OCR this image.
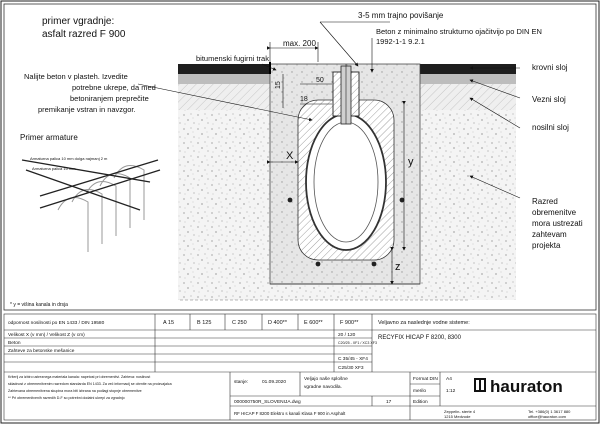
max. 200
50
18
15
X	y
z
primer vgradnje:
asfalt razred F 900
3-5 mm trajno povišanje
Beton z minimalno strukturno ojačitvijo po DIN EN
1992-1-1 9.2.1
bitumenski fugirni trak
Nalijte beton v plasteh. Izvedite
potrebne ukrepe, da med
betoniranjem preprečite
premikanje vstran in navzgor.
krovni sloj
Vezni sloj
nosilni sloj
Razred
obremenitve
mora ustrezati
zahtevam
projekta
Primer armature
Armaturna palica 10 mm dolga najmanj 2 m
Armaturna palica 10 mm
* y = višina kanala in drsja
odpornost nosilnosti po EN 1433 / DIN 19580	A 15	B 125	C 250	D 400**	E 600**	F 900**
Velikost X (v mm) / Velikost Z (v cm)	20 / 120
Beton	C20/25 - XF1 / XC3 XF3
Zahteve za betonske mešanice
C 35/45 - XF4
C25/30 XF3
Kriterij za izbiro ustreznega materiala kanala: napetost pri obremenitvi. Zahteva: nosilnost
skladnost z obremenitvenim razredom standarda EN 1433. Za več informacij se obrnite na proizvajalca
Zahtevana obremenitvena skupina mora biti izbrana na podlagi stopnje obremenitve
** Pri obremenitvenih razredih D-F so potrebni dodatni ukrepi za vgradnjo
Veljavno za naslednje vodne sisteme:
RECYFIX HICAP F 8200, 8300
stanje:	01.09.2020
Veljajo naše splošne
vgradne navodila.
000000750R_SLOVENIJA.dwg	17
RF HICAP F 8200 Elektro s kanali Klasa F 900 in Asphalt
Format DIN A4
merilo	1:12
Edition
Zeppelin- sterte 4
1215 Medvode
Tel. +386(0) 1 3617 880
office@hauraton.com
hauraton
